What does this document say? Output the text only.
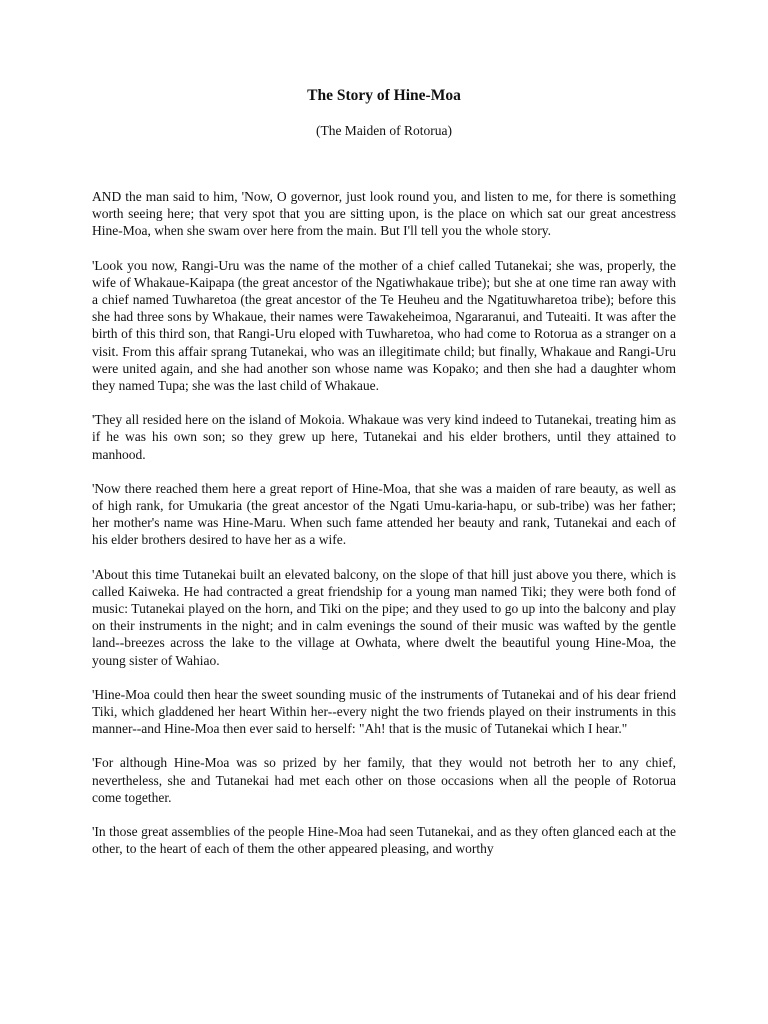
The Story of Hine-Moa

(The Maiden of Rotorua)

AND the man said to him, 'Now, O governor, just look round you, and listen to me, for there is something worth seeing here; that very spot that you are sitting upon, is the place on which sat our great ancestress Hine-Moa, when she swam over here from the main. But I'll tell you the whole story.

'Look you now, Rangi-Uru was the name of the mother of a chief called Tutanekai; she was, properly, the wife of Whakaue-Kaipapa (the great ancestor of the Ngatiwhakaue tribe); but she at one time ran away with a chief named Tuwharetoa (the great ancestor of the Te Heuheu and the Ngatituwharetoa tribe); before this she had three sons by Whakaue, their names were Tawakeheimoa, Ngararanui, and Tuteaiti. It was after the birth of this third son, that Rangi-Uru eloped with Tuwharetoa, who had come to Rotorua as a stranger on a visit. From this affair sprang Tutanekai, who was an illegitimate child; but finally, Whakaue and Rangi-Uru were united again, and she had another son whose name was Kopako; and then she had a daughter whom they named Tupa; she was the last child of Whakaue.

'They all resided here on the island of Mokoia. Whakaue was very kind indeed to Tutanekai, treating him as if he was his own son; so they grew up here, Tutanekai and his elder brothers, until they attained to manhood.

'Now there reached them here a great report of Hine-Moa, that she was a maiden of rare beauty, as well as of high rank, for Umukaria (the great ancestor of the Ngati Umu-karia-hapu, or sub-tribe) was her father; her mother's name was Hine-Maru. When such fame attended her beauty and rank, Tutanekai and each of his elder brothers desired to have her as a wife.

'About this time Tutanekai built an elevated balcony, on the slope of that hill just above you there, which is called Kaiweka. He had contracted a great friendship for a young man named Tiki; they were both fond of music: Tutanekai played on the horn, and Tiki on the pipe; and they used to go up into the balcony and play on their instruments in the night; and in calm evenings the sound of their music was wafted by the gentle land--breezes across the lake to the village at Owhata, where dwelt the beautiful young Hine-Moa, the young sister of Wahiao.

'Hine-Moa could then hear the sweet sounding music of the instruments of Tutanekai and of his dear friend Tiki, which gladdened her heart Within her--every night the two friends played on their instruments in this manner--and Hine-Moa then ever said to herself: "Ah! that is the music of Tutanekai which I hear."

'For although Hine-Moa was so prized by her family, that they would not betroth her to any chief, nevertheless, she and Tutanekai had met each other on those occasions when all the people of Rotorua come together.

'In those great assemblies of the people Hine-Moa had seen Tutanekai, and as they often glanced each at the other, to the heart of each of them the other appeared pleasing, and worthy
